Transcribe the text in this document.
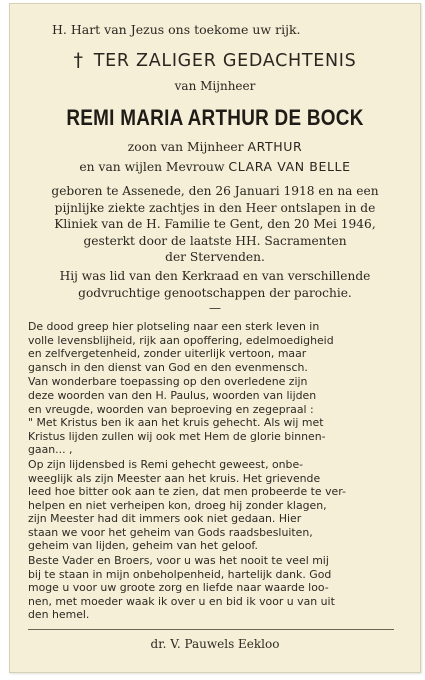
H. Hart van Jezus ons toekome uw rijk.
† TER ZALIGER GEDACHTENIS
van Mijnheer
REMI MARIA ARTHUR DE BOCK
zoon van Mijnheer ARTHUR
en van wijlen Mevrouw CLARA VAN BELLE
geboren te Assenede, den 26 Januari 1918 en na een
pijnlijke ziekte zachtjes in den Heer ontslapen in de
Kliniek van de H. Familie te Gent, den 20 Mei 1946,
gesterkt door de laatste HH. Sacramenten
der Stervenden.
Hij was lid van den Kerkraad en van verschillende
godvruchtige genootschappen der parochie.
—
De dood greep hier plotseling naar een sterk leven in
volle levensblijheid, rijk aan opoffering, edelmoedigheid
en zelfvergetenheid, zonder uiterlijk vertoon, maar
gansch in den dienst van God en den evenmensch.
Van wonderbare toepassing op den overledene zijn
deze woorden van den H. Paulus, woorden van lijden
en vreugde, woorden van beproeving en zegepraal :
" Met Kristus ben ik aan het kruis gehecht. Als wij met
Kristus lijden zullen wij ook met Hem de glorie binnen-
gaan... ,
Op zijn lijdensbed is Remi gehecht geweest, onbe-
weeglijk als zijn Meester aan het kruis. Het grievende
leed hoe bitter ook aan te zien, dat men probeerde te ver-
helpen en niet verheipen kon, droeg hij zonder klagen,
zijn Meester had dit immers ook niet gedaan. Hier
staan we voor het geheim van Gods raadsbesluiten,
geheim van lijden, geheim van het geloof.
Beste Vader en Broers, voor u was het nooit te veel mij
bij te staan in mijn onbeholpenheid, hartelijk dank. God
moge u voor uw groote zorg en liefde naar waarde loo-
nen, met moeder waak ik over u en bid ik voor u van uit
den hemel.
dr. V. Pauwels Eekloo
